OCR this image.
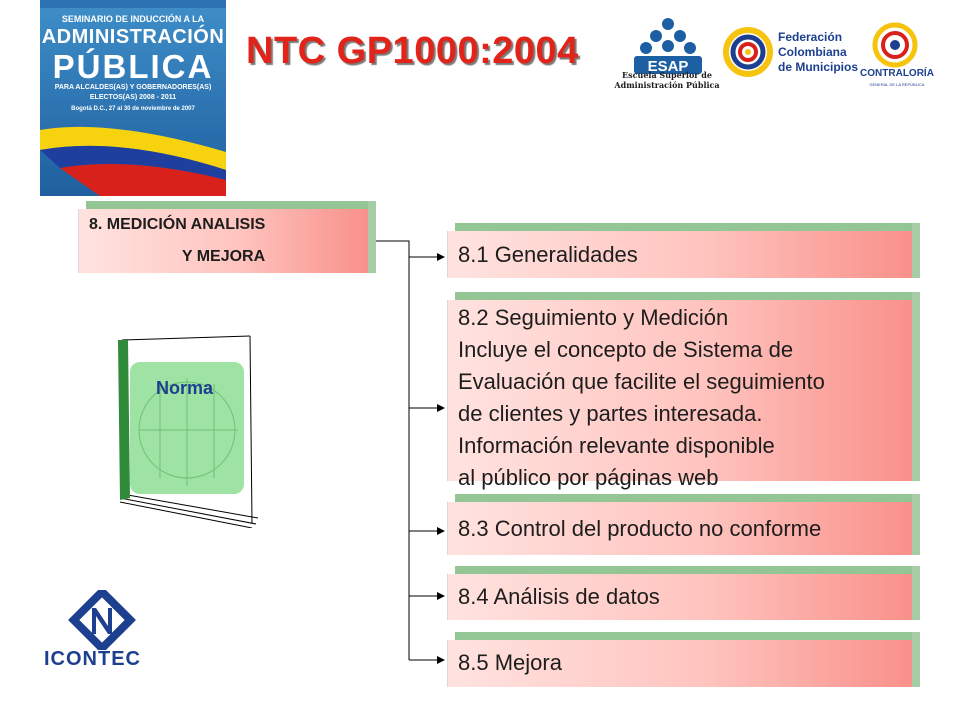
SEMINARIO DE INDUCCIÓN A LA
ADMINISTRACIÓN
PÚBLICA
PARA ALCALDES(AS) Y GOBERNADORES(AS)
ELECTOS(AS) 2008 - 2011
Bogotá D.C., 27 al 30 de noviembre de 2007
NTC GP1000:2004	ESAP
Escuela Superior de
Administración Pública
Federación
Colombiana
de Municipios CONTRALORÍA
GENERAL DE LA REPÚBLICA
8. MEDICIÓN ANALISIS
Y MEJORA	8.1 Generalidades
8.2 Seguimiento y Medición
Incluye el concepto de Sistema de
Evaluación que facilite el seguimiento
de clientes y partes interesada.
Información relevante disponible
al público por páginas web
8.3 Control del producto no conforme
8.4 Análisis de datos
8.5 Mejora
Norma
ICONTEC
